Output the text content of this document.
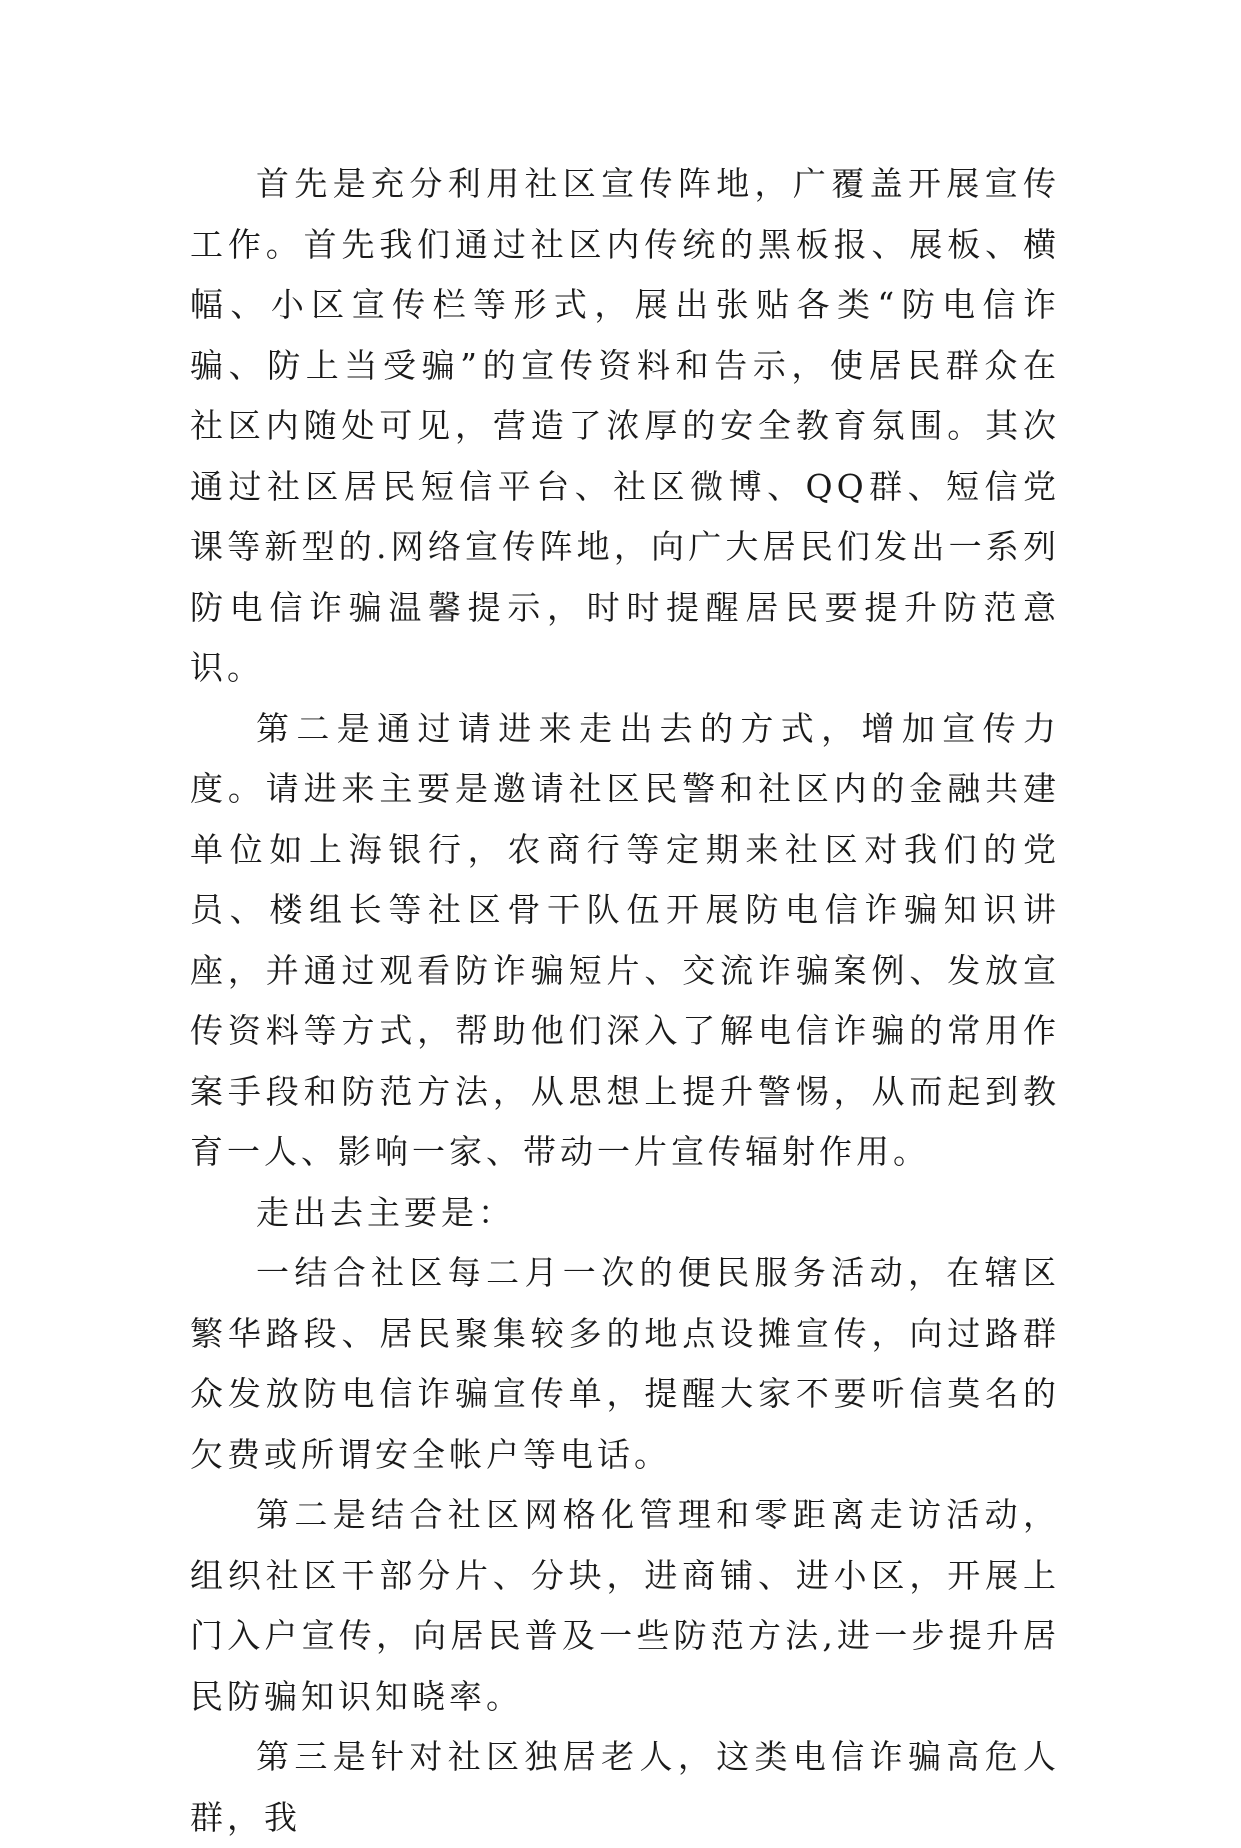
首先是充分利用社区宣传阵地，广覆盖开展宣传工作。首先我们通过社区内传统的黑板报、展板、横幅、小区宣传栏等形式，展出张贴各类“防电信诈骗、防上当受骗”的宣传资料和告示，使居民群众在社区内随处可见，营造了浓厚的安全教育氛围。其次通过社区居民短信平台、社区微博、QQ群、短信党课等新型的.网络宣传阵地，向广大居民们发出一系列防电信诈骗温馨提示，时时提醒居民要提升防范意识。

第二是通过请进来走出去的方式，增加宣传力度。请进来主要是邀请社区民警和社区内的金融共建单位如上海银行，农商行等定期来社区对我们的党员、楼组长等社区骨干队伍开展防电信诈骗知识讲座，并通过观看防诈骗短片、交流诈骗案例、发放宣传资料等方式，帮助他们深入了解电信诈骗的常用作案手段和防范方法，从思想上提升警惕，从而起到教育一人、影响一家、带动一片宣传辐射作用。

走出去主要是：

一结合社区每二月一次的便民服务活动，在辖区繁华路段、居民聚集较多的地点设摊宣传，向过路群众发放防电信诈骗宣传单，提醒大家不要听信莫名的欠费或所谓安全帐户等电话。

第二是结合社区网格化管理和零距离走访活动，组织社区干部分片、分块，进商铺、进小区，开展上门入户宣传，向居民普及一些防范方法,进一步提升居民防骗知识知晓率。

第三是针对社区独居老人，这类电信诈骗高危人群，我
